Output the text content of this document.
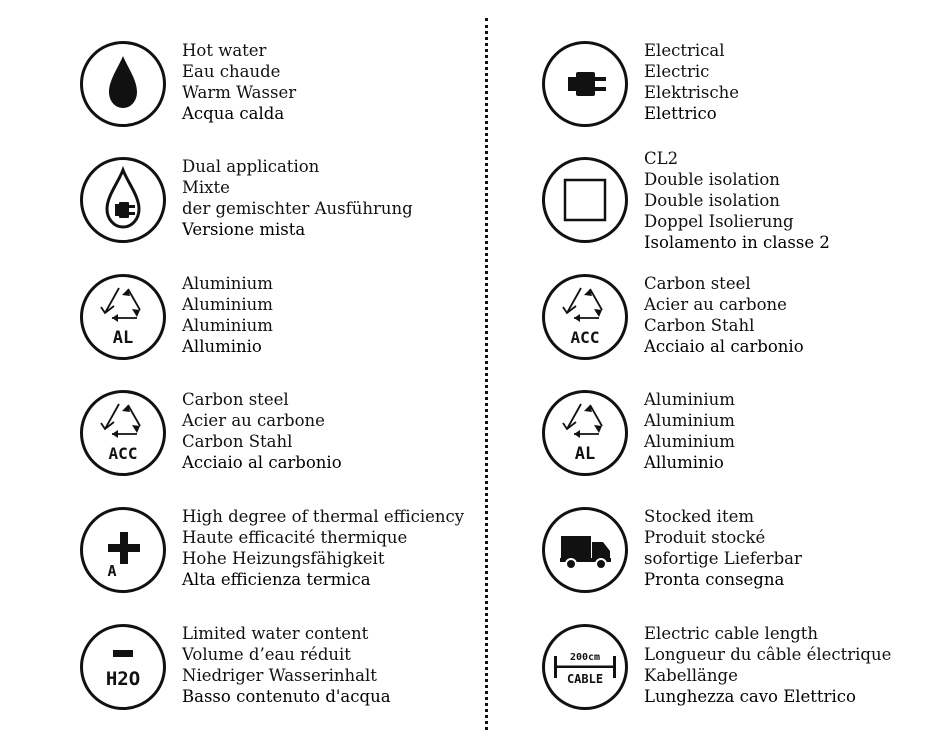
Hot water
Eau chaude
Warm Wasser
Acqua calda
Dual application
Mixte
der gemischter Ausführung
Versione mista
AL
Aluminium
Aluminium
Aluminium
Alluminio
ACC
Carbon steel
Acier au carbone
Carbon Stahl
Acciaio al carbonio
A
High degree of thermal efficiency
Haute efficacité thermique
Hohe Heizungsfähigkeit
Alta efficienza termica
H2O
Limited water content
Volume d’eau réduit
Niedriger Wasserinhalt
Basso contenuto d'acqua
Electrical
Electric
Elektrische
Elettrico
CL2
Double isolation
Double isolation
Doppel Isolierung
Isolamento in classe 2
ACC
Carbon steel
Acier au carbone
Carbon Stahl
Acciaio al carbonio
AL
Aluminium
Aluminium
Aluminium
Alluminio
Stocked item
Produit stocké
sofortige Lieferbar
Pronta consegna
200cm
CABLE
Electric cable length
Longueur du câble électrique
Kabellänge
Lunghezza cavo Elettrico
